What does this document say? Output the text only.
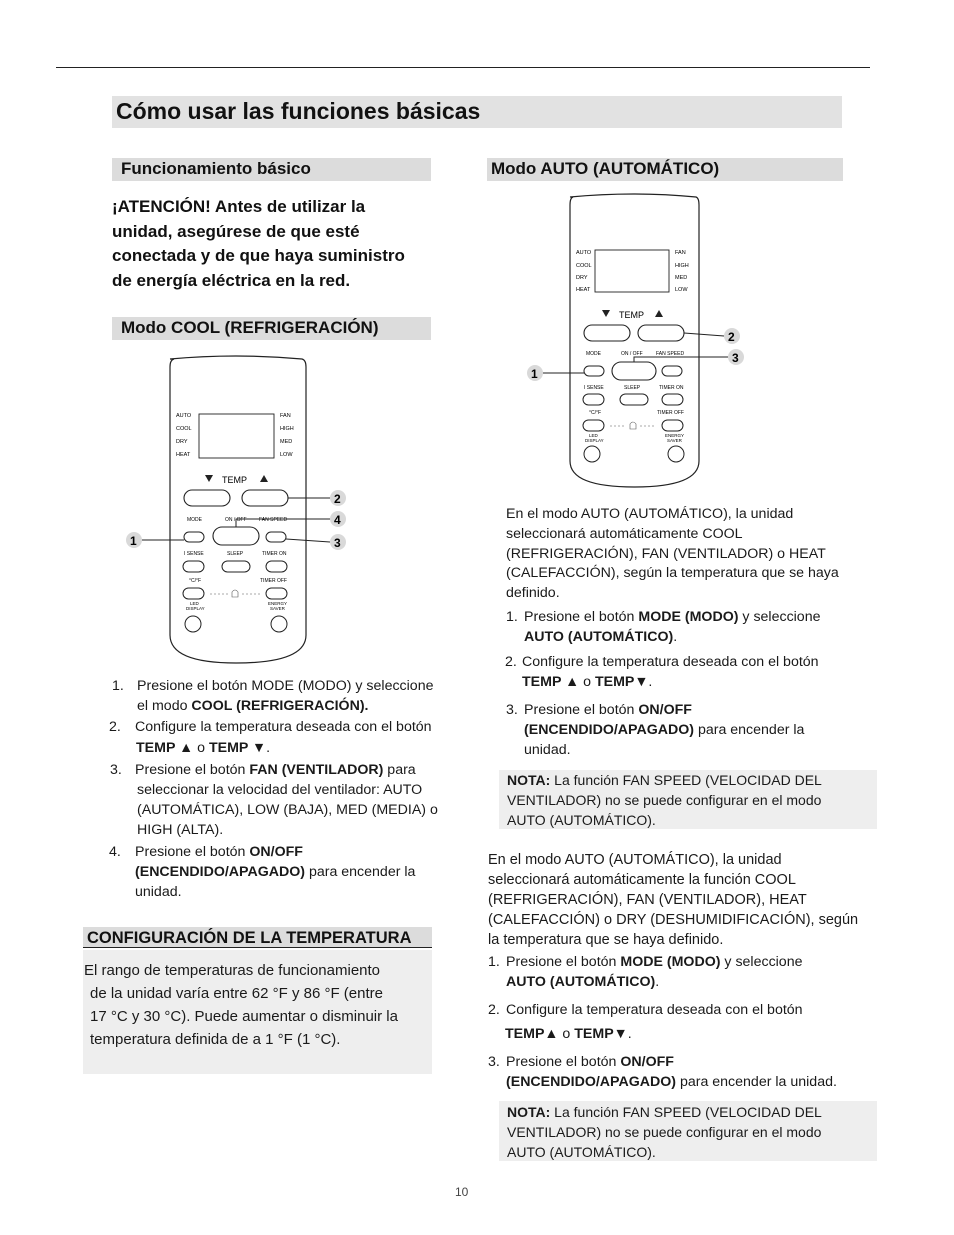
Cómo usar las funciones básicas
Funcionamiento básico
¡ATENCIÓN! Antes de utilizar la
unidad, asegúrese de que esté
conectada y de que haya suministro
de energía eléctrica en la red.
Modo COOL (REFRIGERACIÓN)
AUTO
COOL
DRY
HEAT
FAN
HIGH
MED
LOW
TEMP
MODE	ON / OFF FAN SPEED
I SENSE	SLEEP	TIMER ON
°C/°F	TIMER OFF
LED
DISPLAY
ENERGY
SAVER
1
2
4
3
1. Presione el botón MODE (MODO) y seleccione
el modo COOL (REFRIGERACIÓN).
2. Configure la temperatura deseada con el botón
TEMP ▲ o TEMP ▼.
3. Presione el botón FAN (VENTILADOR) para
seleccionar la velocidad del ventilador: AUTO
(AUTOMÁTICA), LOW (BAJA), MED (MEDIA) o
HIGH (ALTA).
4. Presione el botón ON/OFF
(ENCENDIDO/APAGADO) para encender la
unidad.
CONFIGURACIÓN DE LA TEMPERATURA
El rango de temperaturas de funcionamiento
de la unidad varía entre 62 °F y 86 °F (entre
17 °C y 30 °C). Puede aumentar o disminuir la
temperatura definida de a 1 °F (1 °C).
Modo AUTO (AUTOMÁTICO)
AUTO
COOL
DRY
HEAT
FAN
HIGH
MED
LOW
TEMP
MODE	ON / OFF	FAN SPEED
I SENSE	SLEEP	TIMER ON
°C/°F	TIMER OFF
LED
DISPLAY
ENERGY
SAVER
1
2
3
En el modo AUTO (AUTOMÁTICO), la unidad
seleccionará automáticamente COOL
(REFRIGERACIÓN), FAN (VENTILADOR) o HEAT
(CALEFACCIÓN), según la temperatura que se haya
definido.
1. Presione el botón MODE (MODO) y seleccione
AUTO (AUTOMÁTICO).
2. Configure la temperatura deseada con el botón
TEMP ▲ o TEMP▼.
3. Presione el botón ON/OFF
(ENCENDIDO/APAGADO) para encender la
unidad.
NOTA: La función FAN SPEED (VELOCIDAD DEL
VENTILADOR) no se puede configurar en el modo
AUTO (AUTOMÁTICO).
En el modo AUTO (AUTOMÁTICO), la unidad
seleccionará automáticamente la función COOL
(REFRIGERACIÓN), FAN (VENTILADOR), HEAT
(CALEFACCIÓN) o DRY (DESHUMIDIFICACIÓN), según
la temperatura que se haya definido.
1. Presione el botón MODE (MODO) y seleccione
AUTO (AUTOMÁTICO).
2. Configure la temperatura deseada con el botón
TEMP▲ o TEMP▼.
3. Presione el botón ON/OFF
(ENCENDIDO/APAGADO) para encender la unidad.
NOTA: La función FAN SPEED (VELOCIDAD DEL
VENTILADOR) no se puede configurar en el modo
AUTO (AUTOMÁTICO).
10
